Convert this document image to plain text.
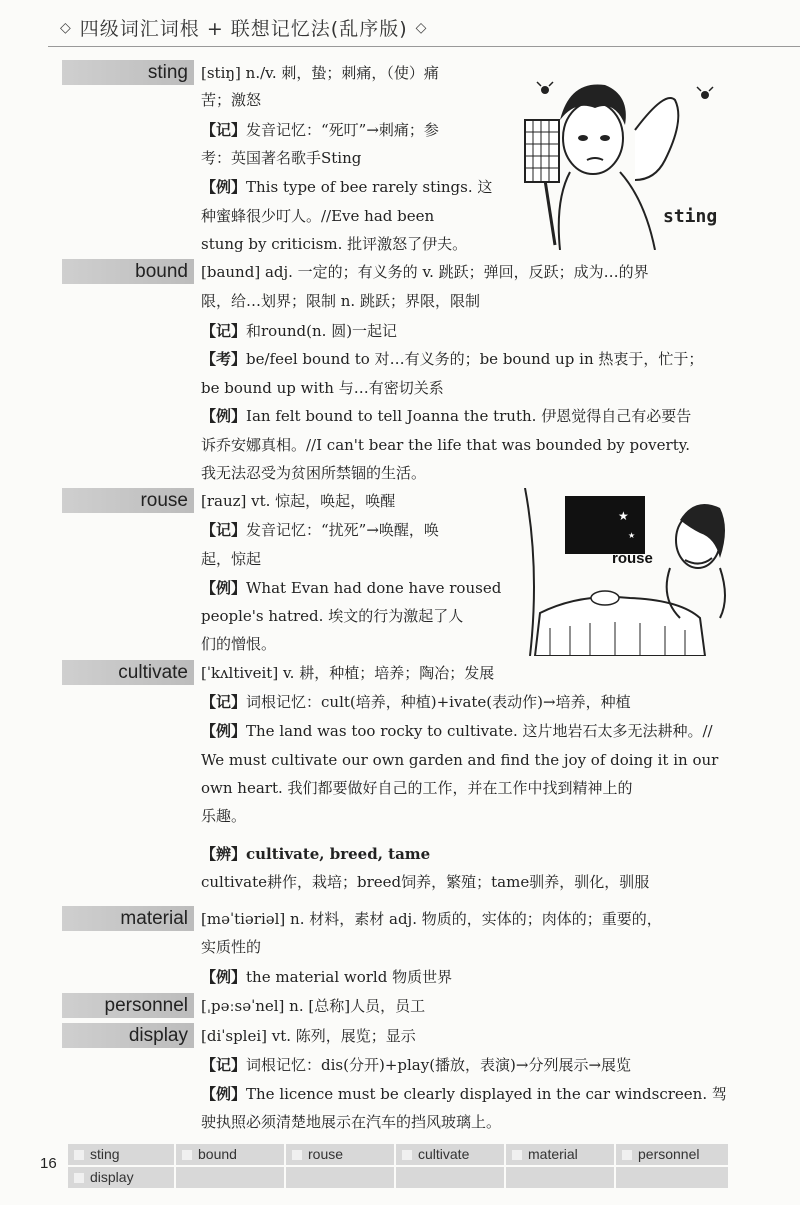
◇ 四级词汇词根 + 联想记忆法(乱序版) ◇
sting [stiŋ] n./v. 刺，蛰；刺痛，（使）痛
苦；激怒
【记】发音记忆：“死叮”→刺痛；参
考：英国著名歌手Sting
【例】This type of bee rarely stings. 这
种蜜蜂很少叮人。//Eve had been
stung by criticism. 批评激怒了伊夫。
sting
bound [baund] adj. 一定的；有义务的 v. 跳跃；弹回，反跃；成为…的界
限，给…划界；限制 n. 跳跃；界限，限制
【记】和round(n. 圆)一起记
【考】be/feel bound to 对…有义务的；be bound up in 热衷于，忙于；
be bound up with 与…有密切关系
【例】Ian felt bound to tell Joanna the truth. 伊恩觉得自己有必要告
诉乔安娜真相。//I can't bear the life that was bounded by poverty.
我无法忍受为贫困所禁锢的生活。
rouse [rauz] vt. 惊起，唤起，唤醒
【记】发音记忆：“扰死”→唤醒，唤
起，惊起
【例】What Evan had done have roused
people's hatred. 埃文的行为激起了人
们的憎恨。
★
★
rouse
cultivate [ˈkʌltiveit] v. 耕，种植；培养；陶冶；发展
【记】词根记忆：cult(培养，种植)+ivate(表动作)→培养，种植
【例】The land was too rocky to cultivate. 这片地岩石太多无法耕种。//
We must cultivate our own garden and find the joy of doing it in our
own heart. 我们都要做好自己的工作，并在工作中找到精神上的
乐趣。
【辨】cultivate, breed, tame
cultivate耕作，栽培；breed饲养，繁殖；tame驯养，驯化，驯服
material [məˈtiəriəl] n. 材料，素材 adj. 物质的，实体的；肉体的；重要的，
实质性的
【例】the material world 物质世界
personnel [ˌpəːsəˈnel] n. [总称]人员，员工
display [diˈsplei] vt. 陈列，展览；显示
【记】词根记忆：dis(分开)+play(播放，表演)→分列展示→展览
【例】The licence must be clearly displayed in the car windscreen. 驾
驶执照必须清楚地展示在汽车的挡风玻璃上。
16
sting	bound	rouse	cultivate	material	personnel
display
